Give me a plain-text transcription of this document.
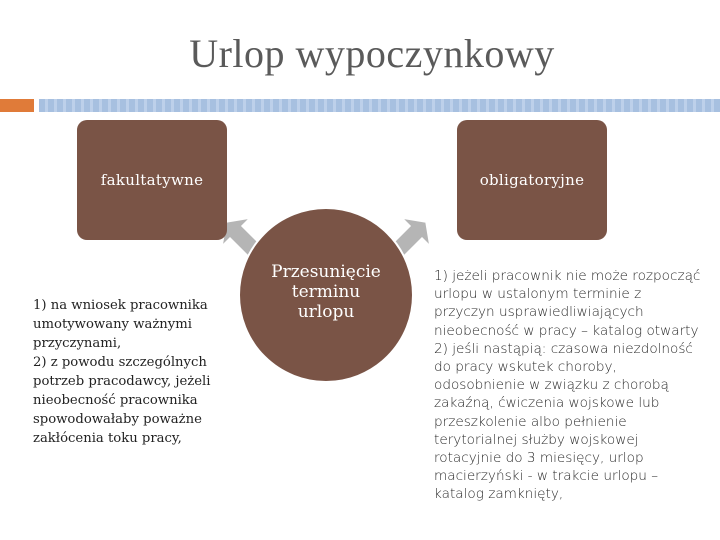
Urlop wypoczynkowy
fakultatywne	obligatoryjne
Przesunięcie
terminu
urlopu
1) na wniosek pracownika
umotywowany ważnymi
przyczynami,
2) z powodu szczególnych
potrzeb pracodawcy, jeżeli
nieobecność pracownika
spowodowałaby poważne
zakłócenia toku pracy,
1) jeżeli pracownik nie może rozpocząć
urlopu w ustalonym terminie z
przyczyn usprawiedliwiających
nieobecność w pracy – katalog otwarty
2) jeśli nastąpią: czasowa niezdolność
do pracy wskutek choroby,
odosobnienie w związku z chorobą
zakaźną, ćwiczenia wojskowe lub
przeszkolenie albo pełnienie
terytorialnej służby wojskowej
rotacyjnie do 3 miesięcy, urlop
macierzyński - w trakcie urlopu –
katalog zamknięty,
